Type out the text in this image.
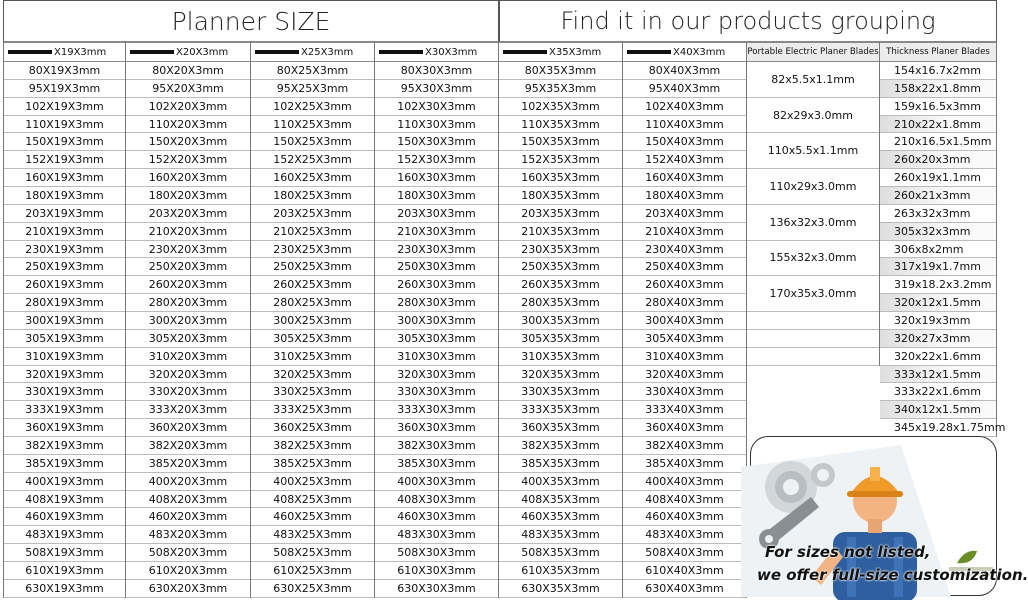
Planner SIZE	Find it in our products grouping
X19X3mm
80X19X3mm
95X19X3mm
102X19X3mm
110X19X3mm
150X19X3mm
152X19X3mm
160X19X3mm
180X19X3mm
203X19X3mm
210X19X3mm
230X19X3mm
250X19X3mm
260X19X3mm
280X19X3mm
300X19X3mm
305X19X3mm
310X19X3mm
320X19X3mm
330X19X3mm
333X19X3mm
360X19X3mm
382X19X3mm
385X19X3mm
400X19X3mm
408X19X3mm
460X19X3mm
483X19X3mm
508X19X3mm
610X19X3mm
630X19X3mm
X20X3mm
80X20X3mm
95X20X3mm
102X20X3mm
110X20X3mm
150X20X3mm
152X20X3mm
160X20X3mm
180X20X3mm
203X20X3mm
210X20X3mm
230X20X3mm
250X20X3mm
260X20X3mm
280X20X3mm
300X20X3mm
305X20X3mm
310X20X3mm
320X20X3mm
330X20X3mm
333X20X3mm
360X20X3mm
382X20X3mm
385X20X3mm
400X20X3mm
408X20X3mm
460X20X3mm
483X20X3mm
508X20X3mm
610X20X3mm
630X20X3mm
X25X3mm
80X25X3mm
95X25X3mm
102X25X3mm
110X25X3mm
150X25X3mm
152X25X3mm
160X25X3mm
180X25X3mm
203X25X3mm
210X25X3mm
230X25X3mm
250X25X3mm
260X25X3mm
280X25X3mm
300X25X3mm
305X25X3mm
310X25X3mm
320X25X3mm
330X25X3mm
333X25X3mm
360X25X3mm
382X25X3mm
385X25X3mm
400X25X3mm
408X25X3mm
460X25X3mm
483X25X3mm
508X25X3mm
610X25X3mm
630X25X3mm
X30X3mm
80X30X3mm
95X30X3mm
102X30X3mm
110X30X3mm
150X30X3mm
152X30X3mm
160X30X3mm
180X30X3mm
203X30X3mm
210X30X3mm
230X30X3mm
250X30X3mm
260X30X3mm
280X30X3mm
300X30X3mm
305X30X3mm
310X30X3mm
320X30X3mm
330X30X3mm
333X30X3mm
360X30X3mm
382X30X3mm
385X30X3mm
400X30X3mm
408X30X3mm
460X30X3mm
483X30X3mm
508X30X3mm
610X30X3mm
630X30X3mm
X35X3mm
80X35X3mm
95X35X3mm
102X35X3mm
110X35X3mm
150X35X3mm
152X35X3mm
160X35X3mm
180X35X3mm
203X35X3mm
210X35X3mm
230X35X3mm
250X35X3mm
260X35X3mm
280X35X3mm
300X35X3mm
305X35X3mm
310X35X3mm
320X35X3mm
330X35X3mm
333X35X3mm
360X35X3mm
382X35X3mm
385X35X3mm
400X35X3mm
408X35X3mm
460X35X3mm
483X35X3mm
508X35X3mm
610X35X3mm
630X35X3mm
X40X3mm
80X40X3mm
95X40X3mm
102X40X3mm
110X40X3mm
150X40X3mm
152X40X3mm
160X40X3mm
180X40X3mm
203X40X3mm
210X40X3mm
230X40X3mm
250X40X3mm
260X40X3mm
280X40X3mm
300X40X3mm
305X40X3mm
310X40X3mm
320X40X3mm
330X40X3mm
333X40X3mm
360X40X3mm
382X40X3mm
385X40X3mm
400X40X3mm
408X40X3mm
460X40X3mm
483X40X3mm
508X40X3mm
610X40X3mm
630X40X3mm
Portable Electric Planer Blades
82x5.5x1.1mm
82x29x3.0mm
110x5.5x1.1mm
110x29x3.0mm
136x32x3.0mm
155x32x3.0mm
170x35x3.0mm
Thickness Planer Blades
154x16.7x2mm
158x22x1.8mm
159x16.5x3mm
210x22x1.8mm
210x16.5x1.5mm
260x20x3mm
260x19x1.1mm
260x21x3mm
263x32x3mm
305x32x3mm
306x8x2mm
317x19x1.7mm
319x18.2x3.2mm
320x12x1.5mm
320x19x3mm
320x27x3mm
320x22x1.6mm
333x12x1.5mm
333x22x1.6mm
340x12x1.5mm
345x19.28x1.75mm
For sizes not listed,
we offer full-size customization.
